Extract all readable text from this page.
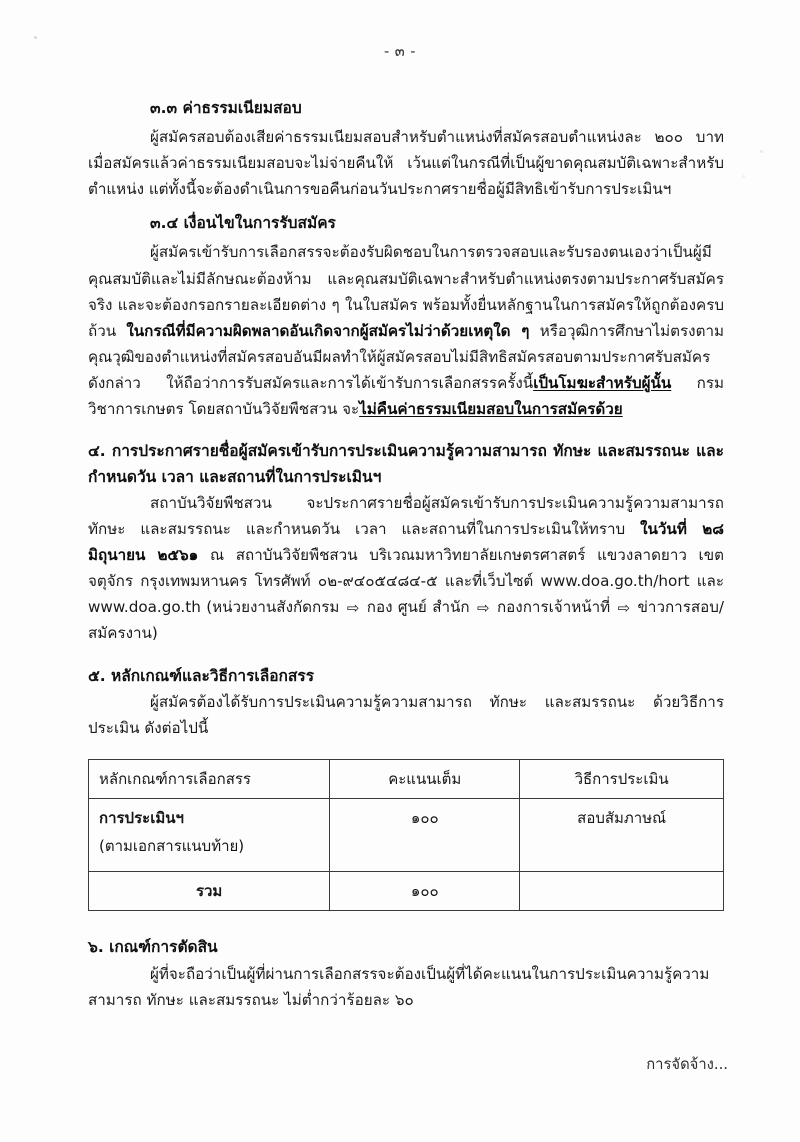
- ๓ -
๓.๓ ค่าธรรมเนียมสอบ

ผู้สมัครสอบต้องเสียค่าธรรมเนียมสอบสำหรับตำแหน่งที่สมัครสอบตำแหน่งละ ๒๐๐ บาท เมื่อสมัครแล้วค่าธรรมเนียมสอบจะไม่จ่ายคืนให้ เว้นแต่ในกรณีที่เป็นผู้ขาดคุณสมบัติเฉพาะสำหรับตำแหน่ง แต่ทั้งนี้จะต้องดำเนินการขอคืนก่อนวันประกาศรายชื่อผู้มีสิทธิเข้ารับการประเมินฯ

๓.๔ เงื่อนไขในการรับสมัคร

ผู้สมัครเข้ารับการเลือกสรรจะต้องรับผิดชอบในการตรวจสอบและรับรองตนเองว่าเป็นผู้มีคุณสมบัติและไม่มีลักษณะต้องห้าม และคุณสมบัติเฉพาะสำหรับตำแหน่งตรงตามประกาศรับสมัครจริง และจะต้องกรอกรายละเอียดต่าง ๆ ในใบสมัคร พร้อมทั้งยื่นหลักฐานในการสมัครให้ถูกต้องครบถ้วน ในกรณีที่มีความผิดพลาดอันเกิดจากผู้สมัครไม่ว่าด้วยเหตุใด ๆ หรือวุฒิการศึกษาไม่ตรงตามคุณวุฒิของตำแหน่งที่สมัครสอบอันมีผลทำให้ผู้สมัครสอบไม่มีสิทธิสมัครสอบตามประกาศรับสมัครดังกล่าว ให้ถือว่าการรับสมัครและการได้เข้ารับการเลือกสรรครั้งนี้เป็นโมฆะสำหรับผู้นั้น กรมวิชาการเกษตร โดยสถาบันวิจัยพืชสวน จะไม่คืนค่าธรรมเนียมสอบในการสมัครด้วย

๔. การประกาศรายชื่อผู้สมัครเข้ารับการประเมินความรู้ความสามารถ ทักษะ และสมรรถนะ และกำหนดวัน เวลา และสถานที่ในการประเมินฯ

สถาบันวิจัยพืชสวน จะประกาศรายชื่อผู้สมัครเข้ารับการประเมินความรู้ความสามารถ ทักษะ และสมรรถนะ และกำหนดวัน เวลา และสถานที่ในการประเมินให้ทราบ ในวันที่ ๒๘ มิถุนายน ๒๕๖๑ ณ สถาบันวิจัยพืชสวน บริเวณมหาวิทยาลัยเกษตรศาสตร์ แขวงลาดยาว เขตจตุจักร กรุงเทพมหานคร โทรศัพท์ ๐๒-๙๔๐๕๔๘๔-๕ และที่เว็บไซต์ www.doa.go.th/hort และ www.doa.go.th (หน่วยงานสังกัดกรม ⇨ กอง ศูนย์ สำนัก ⇨ กองการเจ้าหน้าที่ ⇨ ข่าวการสอบ/สมัครงาน)

๕. หลักเกณฑ์และวิธีการเลือกสรร

ผู้สมัครต้องได้รับการประเมินความรู้ความสามารถ ทักษะ และสมรรถนะ ด้วยวิธีการประเมิน ดังต่อไปนี้

หลักเกณฑ์การเลือกสรร	คะแนนเต็ม	วิธีการประเมิน
การประเมินฯ
(ตามเอกสารแนบท้าย)	๑๐๐	สอบสัมภาษณ์
รวม	๑๐๐	
๖. เกณฑ์การตัดสิน

ผู้ที่จะถือว่าเป็นผู้ที่ผ่านการเลือกสรรจะต้องเป็นผู้ที่ได้คะแนนในการประเมินความรู้ความสามารถ ทักษะ และสมรรถนะ ไม่ต่ำกว่าร้อยละ ๖๐

การจัดจ้าง...
